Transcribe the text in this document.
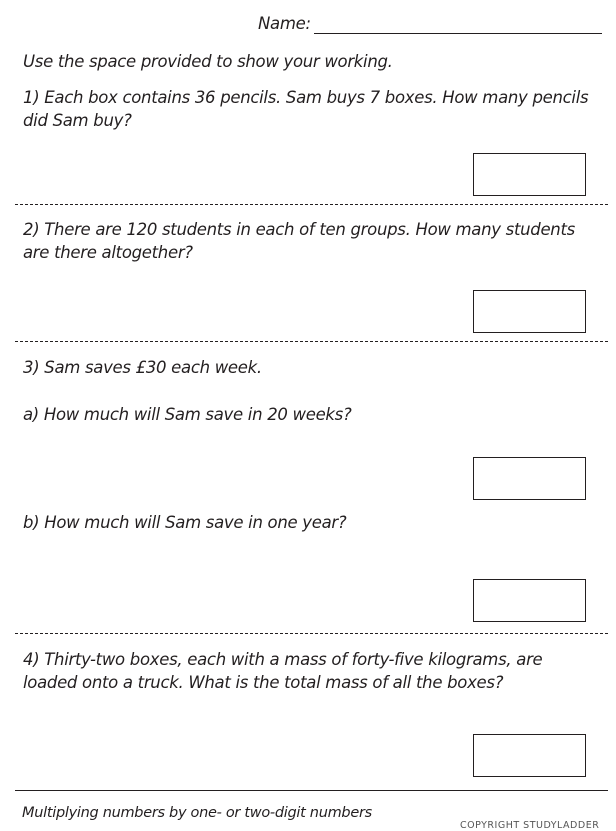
Name:
Use the space provided to show your working.
1) Each box contains 36 pencils. Sam buys 7 boxes. How many pencils did Sam buy?
2) There are 120 students in each of ten groups. How many students are there altogether?
3) Sam saves £30 each week.
a) How much will Sam save in 20 weeks?
b) How much will Sam save in one year?
4) Thirty-two boxes, each with a mass of forty-five kilograms, are loaded onto a truck. What is the total mass of all the boxes?
Multiplying numbers by one- or two-digit numbers
COPYRIGHT STUDYLADDER
